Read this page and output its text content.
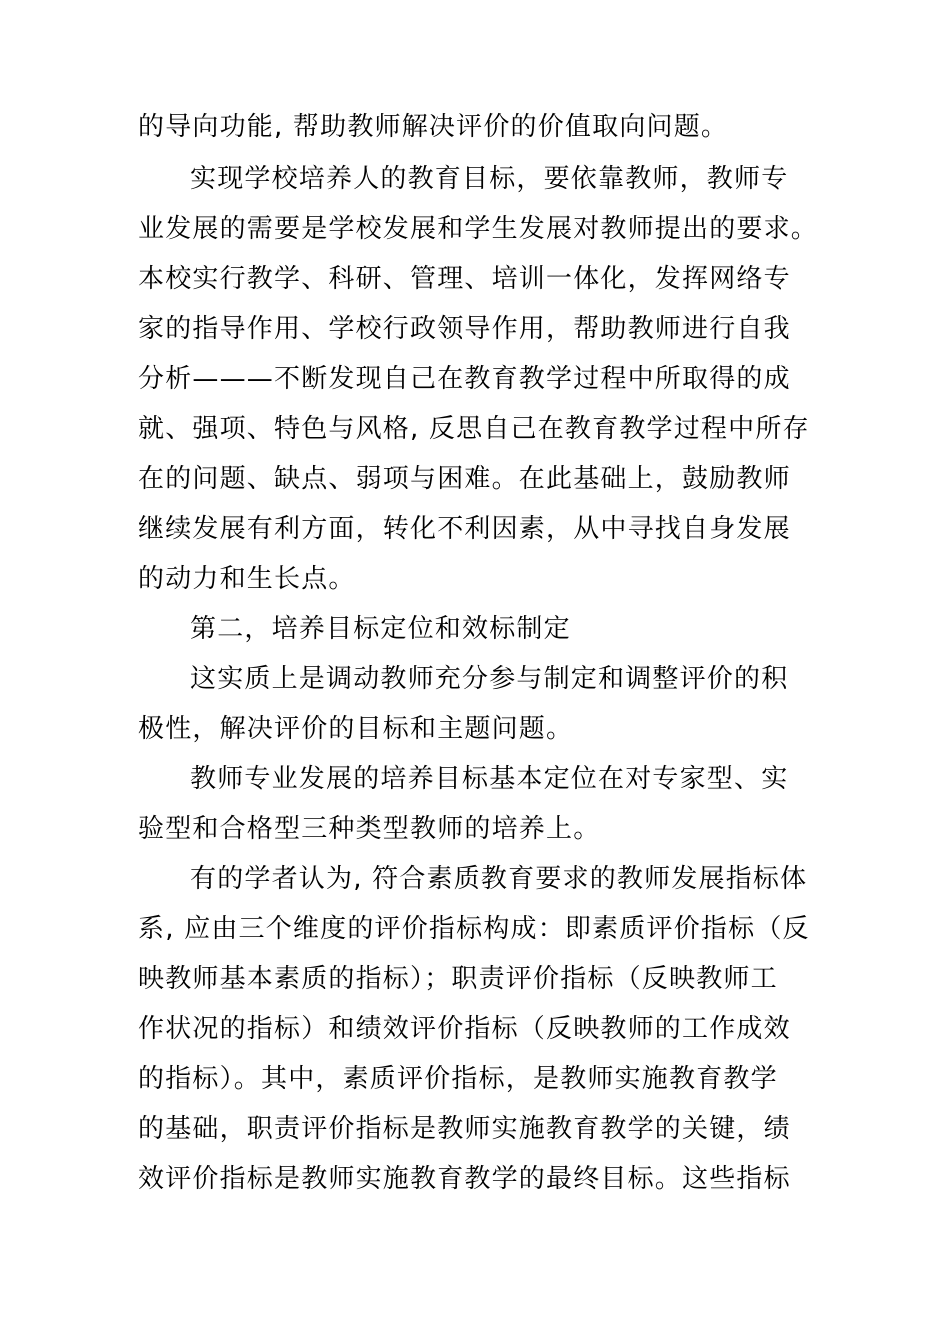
的导向功能, 帮助教师解决评价的价值取向问题。
实现学校培养人的教育目标，要依靠教师，教师专
业发展的需要是学校发展和学生发展对教师提出的要求。
本校实行教学、科研、管理、培训一体化，发挥网络专
家的指导作用、学校行政领导作用，帮助教师进行自我
分析———不断发现自己在教育教学过程中所取得的成
就、强项、特色与风格, 反思自己在教育教学过程中所存
在的问题、缺点、弱项与困难。在此基础上，鼓励教师
继续发展有利方面，转化不利因素，从中寻找自身发展
的动力和生长点。
第二，培养目标定位和效标制定
这实质上是调动教师充分参与制定和调整评价的积
极性，解决评价的目标和主题问题。
教师专业发展的培养目标基本定位在对专家型、实
验型和合格型三种类型教师的培养上。
有的学者认为, 符合素质教育要求的教师发展指标体
系, 应由三个维度的评价指标构成：即素质评价指标（反
映教师基本素质的指标）；职责评价指标（反映教师工
作状况的指标）和绩效评价指标（反映教师的工作成效
的指标）。其中，素质评价指标，是教师实施教育教学
的基础，职责评价指标是教师实施教育教学的关键，绩
效评价指标是教师实施教育教学的最终目标。这些指标
